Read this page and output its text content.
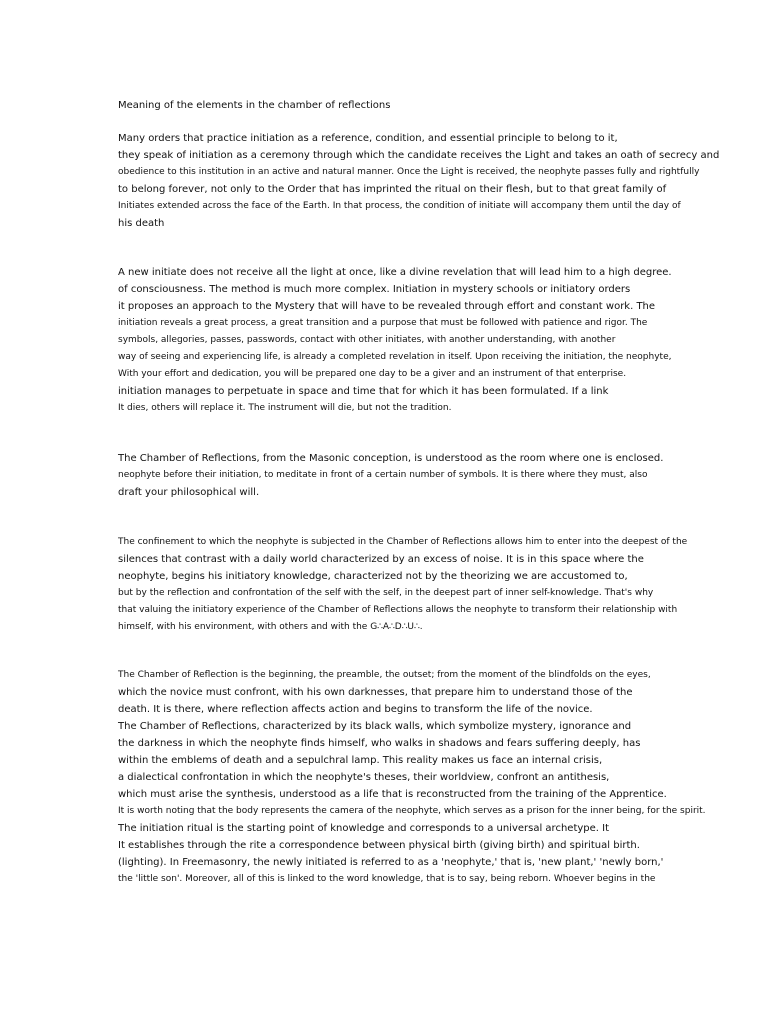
Meaning of the elements in the chamber of reflections
Many orders that practice initiation as a reference, condition, and essential principle to belong to it,
they speak of initiation as a ceremony through which the candidate receives the Light and takes an oath of secrecy and
obedience to this institution in an active and natural manner. Once the Light is received, the neophyte passes fully and rightfully
to belong forever, not only to the Order that has imprinted the ritual on their flesh, but to that great family of
Initiates extended across the face of the Earth. In that process, the condition of initiate will accompany them until the day of
his death
A new initiate does not receive all the light at once, like a divine revelation that will lead him to a high degree.
of consciousness. The method is much more complex. Initiation in mystery schools or initiatory orders
it proposes an approach to the Mystery that will have to be revealed through effort and constant work. The
initiation reveals a great process, a great transition and a purpose that must be followed with patience and rigor. The
symbols, allegories, passes, passwords, contact with other initiates, with another understanding, with another
way of seeing and experiencing life, is already a completed revelation in itself. Upon receiving the initiation, the neophyte,
With your effort and dedication, you will be prepared one day to be a giver and an instrument of that enterprise.
initiation manages to perpetuate in space and time that for which it has been formulated. If a link
It dies, others will replace it. The instrument will die, but not the tradition.
The Chamber of Reflections, from the Masonic conception, is understood as the room where one is enclosed.
neophyte before their initiation, to meditate in front of a certain number of symbols. It is there where they must, also
draft your philosophical will.
The confinement to which the neophyte is subjected in the Chamber of Reflections allows him to enter into the deepest of the
silences that contrast with a daily world characterized by an excess of noise. It is in this space where the
neophyte, begins his initiatory knowledge, characterized not by the theorizing we are accustomed to,
but by the reflection and confrontation of the self with the self, in the deepest part of inner self-knowledge. That's why
that valuing the initiatory experience of the Chamber of Reflections allows the neophyte to transform their relationship with
himself, with his environment, with others and with the G∴A∴D∴U∴.
The Chamber of Reflection is the beginning, the preamble, the outset; from the moment of the blindfolds on the eyes,
which the novice must confront, with his own darknesses, that prepare him to understand those of the
death. It is there, where reflection affects action and begins to transform the life of the novice.
The Chamber of Reflections, characterized by its black walls, which symbolize mystery, ignorance and
the darkness in which the neophyte finds himself, who walks in shadows and fears suffering deeply, has
within the emblems of death and a sepulchral lamp. This reality makes us face an internal crisis,
a dialectical confrontation in which the neophyte's theses, their worldview, confront an antithesis,
which must arise the synthesis, understood as a life that is reconstructed from the training of the Apprentice.
It is worth noting that the body represents the camera of the neophyte, which serves as a prison for the inner being, for the spirit.
The initiation ritual is the starting point of knowledge and corresponds to a universal archetype. It
It establishes through the rite a correspondence between physical birth (giving birth) and spiritual birth.
(lighting). In Freemasonry, the newly initiated is referred to as a 'neophyte,' that is, 'new plant,' 'newly born,'
the 'little son'. Moreover, all of this is linked to the word knowledge, that is to say, being reborn. Whoever begins in the
